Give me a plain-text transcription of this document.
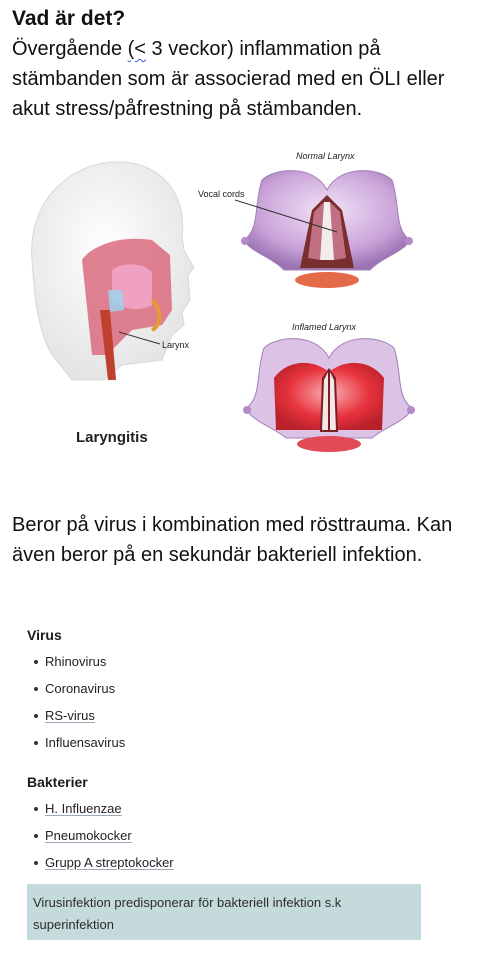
Vad är det?

Övergående (< 3 veckor) inflammation på stämbanden som är associerad med en ÖLI eller akut stress/påfrestning på stämbanden.

Larynx
Laryngitis
Normal Larynx
Vocal cords
Inflamed Larynx

Beror på virus i kombination med rösttrauma. Kan även beror på en sekundär bakteriell infektion.

Virus
Rhinovirus
Coronavirus
RS-virus
Influensavirus
Bakterier
H. Influenzae
Pneumokocker
Grupp A streptokocker
Virusinfektion predisponerar för bakteriell infektion s.k superinfektion
